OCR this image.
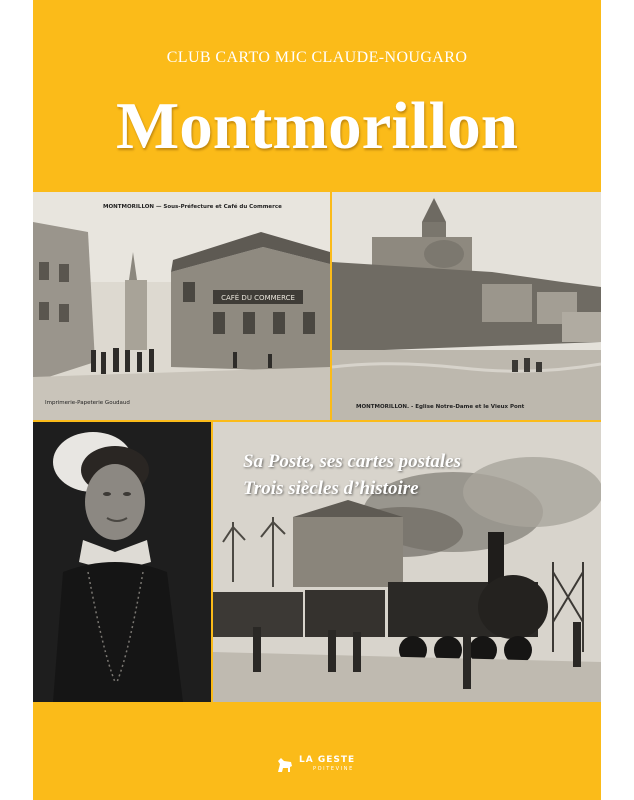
CLUB CARTO MJC CLAUDE-NOUGARO
Montmorillon
CAFÉ DU COMMERCE
MONTMORILLON — Sous-Préfecture et Café du Commerce
Imprimerie-Papeterie Goudaud
MONTMORILLON. - Eglise Notre-Dame et le Vieux Pont
Sa Poste, ses cartes postales
Trois siècles d’histoire
LA GESTE
POITEVINE
